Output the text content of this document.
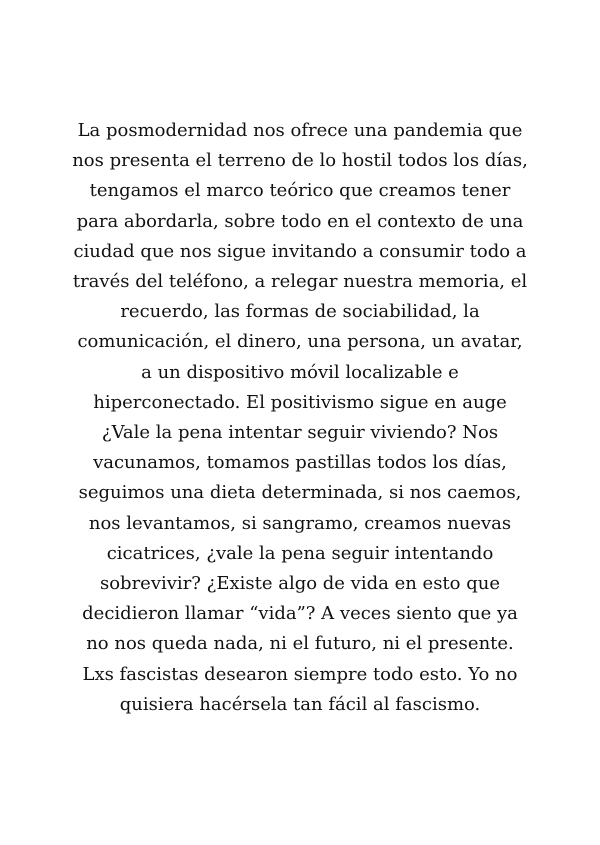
La posmodernidad nos ofrece una pandemia que
nos presenta el terreno de lo hostil todos los días,
tengamos el marco teórico que creamos tener
para abordarla, sobre todo en el contexto de una
ciudad que nos sigue invitando a consumir todo a
través del teléfono, a relegar nuestra memoria, el
recuerdo, las formas de sociabilidad, la
comunicación, el dinero, una persona, un avatar,
a un dispositivo móvil localizable e
hiperconectado. El positivismo sigue en auge
¿Vale la pena intentar seguir viviendo? Nos
vacunamos, tomamos pastillas todos los días,
seguimos una dieta determinada, si nos caemos,
nos levantamos, si sangramo, creamos nuevas
cicatrices, ¿vale la pena seguir intentando
sobrevivir? ¿Existe algo de vida en esto que
decidieron llamar “vida”? A veces siento que ya
no nos queda nada, ni el futuro, ni el presente.
Lxs fascistas desearon siempre todo esto. Yo no
quisiera hacérsela tan fácil al fascismo.
